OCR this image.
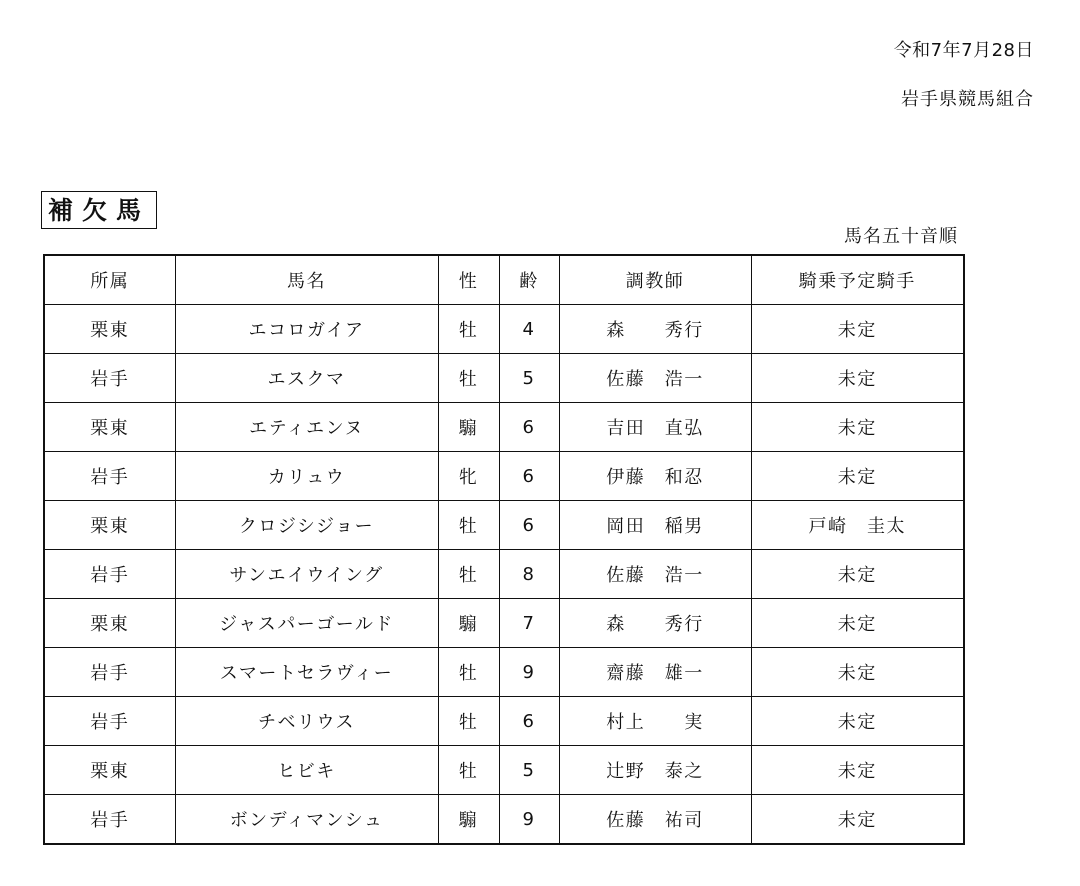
令和7年7月28日
岩手県競馬組合
補欠馬
馬名五十音順
所属	馬名	性	齢	調教師	騎乗予定騎手
栗東	エコロガイア	牡	4	森　　秀行	未定
岩手	エスクマ	牡	5	佐藤　浩一	未定
栗東	エティエンヌ	騸	6	吉田　直弘	未定
岩手	カリュウ	牝	6	伊藤　和忍	未定
栗東	クロジシジョー	牡	6	岡田　稲男	戸崎　圭太
岩手	サンエイウイング	牡	8	佐藤　浩一	未定
栗東	ジャスパーゴールド	騸	7	森　　秀行	未定
岩手	スマートセラヴィー	牡	9	齋藤　雄一	未定
岩手	チベリウス	牡	6	村上　　実	未定
栗東	ヒビキ	牡	5	辻野　泰之	未定
岩手	ボンディマンシュ	騸	9	佐藤　祐司	未定
